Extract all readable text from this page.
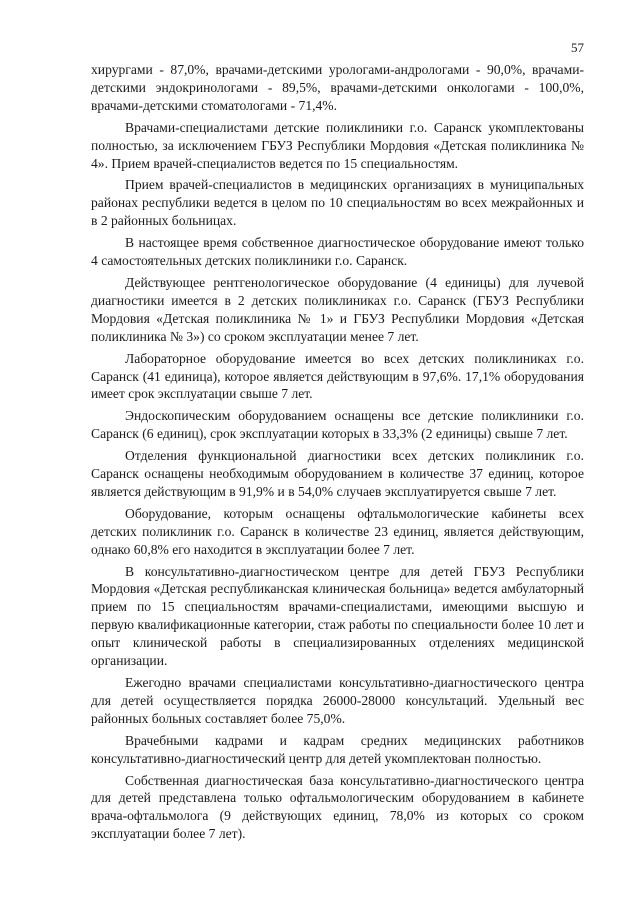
57

хирургами - 87,0%, врачами-детскими урологами-андрологами - 90,0%, врачами-детскими эндокринологами - 89,5%, врачами-детскими онкологами - 100,0%, врачами-детскими стоматологами - 71,4%.

Врачами-специалистами детские поликлиники г.о. Саранск укомплектованы полностью, за исключением ГБУЗ Республики Мордовия «Детская поликлиника № 4». Прием врачей-специалистов ведется по 15 специальностям.

Прием врачей-специалистов в медицинских организациях в муниципальных районах республики ведется в целом по 10 специальностям во всех межрайонных и в 2 районных больницах.

В настоящее время собственное диагностическое оборудование имеют только 4 самостоятельных детских поликлиники г.о. Саранск.

Действующее рентгенологическое оборудование (4 единицы) для лучевой диагностики имеется в 2 детских поликлиниках г.о. Саранск (ГБУЗ Республики Мордовия «Детская поликлиника № 1» и ГБУЗ Республики Мордовия «Детская поликлиника № 3») со сроком эксплуатации менее 7 лет.

Лабораторное оборудование имеется во всех детских поликлиниках г.о. Саранск (41 единица), которое является действующим в 97,6%. 17,1% оборудования имеет срок эксплуатации свыше 7 лет.

Эндоскопическим оборудованием оснащены все детские поликлиники г.о. Саранск (6 единиц), срок эксплуатации которых в 33,3% (2 единицы) свыше 7 лет.

Отделения функциональной диагностики всех детских поликлиник г.о. Саранск оснащены необходимым оборудованием в количестве 37 единиц, которое является действующим в 91,9% и в 54,0% случаев эксплуатируется свыше 7 лет.

Оборудование, которым оснащены офтальмологические кабинеты всех детских поликлиник г.о. Саранск в количестве 23 единиц, является действующим, однако 60,8% его находится в эксплуатации более 7 лет.

В консультативно-диагностическом центре для детей ГБУЗ Республики Мордовия «Детская республиканская клиническая больница» ведется амбулаторный прием по 15 специальностям врачами-специалистами, имеющими высшую и первую квалификационные категории, стаж работы по специальности более 10 лет и опыт клинической работы в специализированных отделениях медицинской организации.

Ежегодно врачами специалистами консультативно-диагностического центра для детей осуществляется порядка 26000-28000 консультаций. Удельный вес районных больных составляет более 75,0%.

Врачебными кадрами и кадрам средних медицинских работников консультативно-диагностический центр для детей укомплектован полностью.

Собственная диагностическая база консультативно-диагностического центра для детей представлена только офтальмологическим оборудованием в кабинете врача-офтальмолога (9 действующих единиц, 78,0% из которых со сроком эксплуатации более 7 лет).
